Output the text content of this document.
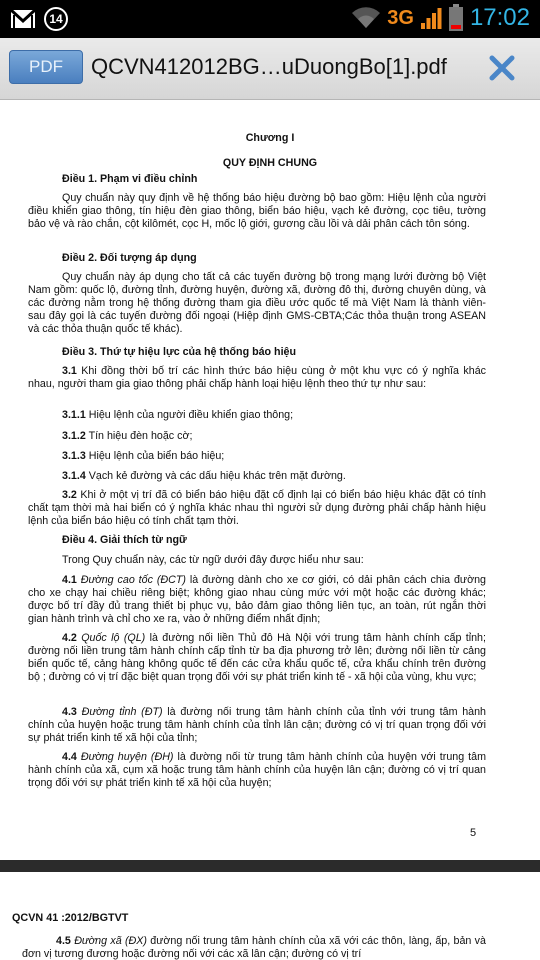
14	3G 17:02
PDF	QCVN412012BG…uDuongBo[1].pdf
Chương I
QUY ĐỊNH CHUNG
Điều 1. Phạm vi điều chỉnh
Quy chuẩn này quy định về hệ thống báo hiệu đường bộ bao gồm: Hiệu lệnh của người điều khiển giao thông, tín hiệu đèn giao thông, biển báo hiệu, vạch kẻ đường, cọc tiêu, tường bảo vệ và rào chắn, cột kilômét, cọc H, mốc lộ giới, gương cầu lồi và dải phân cách tôn sóng.
Điều 2. Đối tượng áp dụng
Quy chuẩn này áp dụng cho tất cả các tuyến đường bộ trong mạng lưới đường bộ Việt Nam gồm: quốc lộ, đường tỉnh, đường huyện, đường xã, đường đô thị, đường chuyên dùng, và các đường nằm trong hệ thống đường tham gia điều ước quốc tế mà Việt Nam là thành viên-sau đây gọi là các tuyến đường đối ngoại (Hiệp định GMS-CBTA;Các thỏa thuận trong ASEAN và các thỏa thuận quốc tế khác).
Điều 3. Thứ tự hiệu lực của hệ thống báo hiệu
3.1 Khi đồng thời bố trí các hình thức báo hiệu cùng ở một khu vực có ý nghĩa khác nhau, người tham gia giao thông phải chấp hành loại hiệu lệnh theo thứ tự như sau:
3.1.1 Hiệu lệnh của người điều khiển giao thông;
3.1.2 Tín hiệu đèn hoặc cờ;
3.1.3 Hiệu lệnh của biển báo hiệu;
3.1.4 Vạch kẻ đường và các dấu hiệu khác trên mặt đường.
3.2 Khi ở một vị trí đã có biển báo hiệu đặt cố định lại có biển báo hiệu khác đặt có tính chất tạm thời mà hai biển có ý nghĩa khác nhau thì người sử dụng đường phải chấp hành hiệu lệnh của biển báo hiệu có tính chất tạm thời.
Điều 4. Giải thích từ ngữ
Trong Quy chuẩn này, các từ ngữ dưới đây được hiểu như sau:
4.1 Đường cao tốc (ĐCT) là đường dành cho xe cơ giới, có dải phân cách chia đường cho xe chạy hai chiều riêng biệt; không giao nhau cùng mức với một hoặc các đường khác; được bố trí đầy đủ trang thiết bị phục vụ, bảo đảm giao thông liên tục, an toàn, rút ngắn thời gian hành trình và chỉ cho xe ra, vào ở những điểm nhất định;
4.2 Quốc lộ (QL) là đường nối liền Thủ đô Hà Nội với trung tâm hành chính cấp tỉnh; đường nối liền trung tâm hành chính cấp tỉnh từ ba địa phương trở lên; đường nối liền từ cảng biển quốc tế, cảng hàng không quốc tế đến các cửa khẩu quốc tế, cửa khẩu chính trên đường bộ ; đường có vị trí đặc biệt quan trọng đối với sự phát triển kinh tế - xã hội của vùng, khu vực;
4.3 Đường tỉnh (ĐT) là đường nối trung tâm hành chính của tỉnh với trung tâm hành chính của huyện hoặc trung tâm hành chính của tỉnh lân cận; đường có vị trí quan trọng đối với sự phát triển kinh tế xã hội của tỉnh;
4.4 Đường huyện (ĐH) là đường nối từ trung tâm hành chính của huyện với trung tâm hành chính của xã, cụm xã hoặc trung tâm hành chính của huyện lân cận; đường có vị trí quan trọng đối với sự phát triển kinh tế xã hội của huyện;
5
QCVN 41 :2012/BGTVT
4.5 Đường xã (ĐX) đường nối trung tâm hành chính của xã với các thôn, làng, ấp, bản và đơn vị tương đương hoặc đường nối với các xã lân cận; đường có vị trí
